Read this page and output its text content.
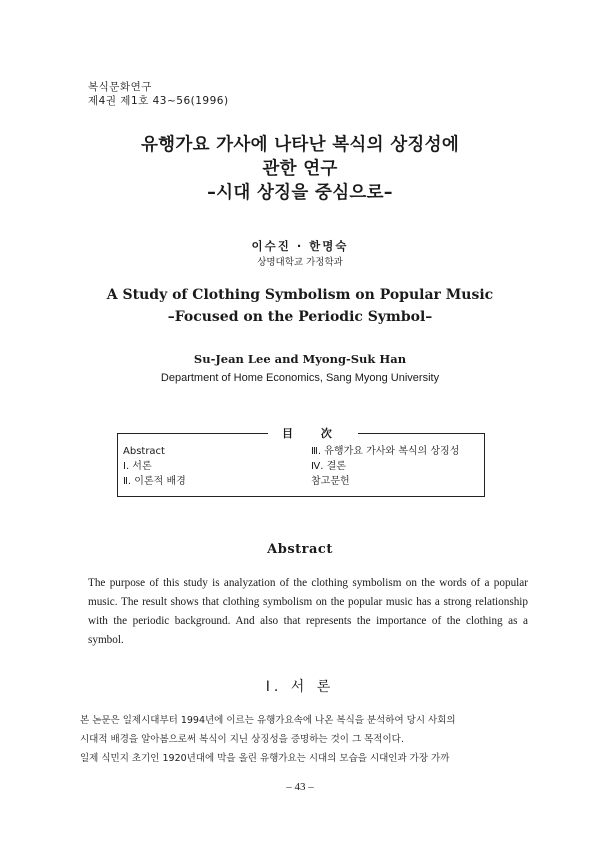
복식문화연구
제4권 제1호 43~56(1996)
유행가요 가사에 나타난 복식의 상징성에
관한 연구
–시대 상징을 중심으로–
이수진 · 한명숙
상명대학교 가정학과
A Study of Clothing Symbolism on Popular Music
–Focused on the Periodic Symbol–
Su-Jean Lee and Myong-Suk Han
Department of Home Economics, Sang Myong University
目 次
Abstract
Ⅰ. 서론
Ⅱ. 이론적 배경
Ⅲ. 유행가요 가사와 복식의 상징성
Ⅳ. 결론
참고문헌
Abstract
The purpose of this study is analyzation of the clothing symbolism on the words of a popular music. The result shows that clothing symbolism on the popular music has a strong relationship with the periodic background. And also that represents the importance of the clothing as a symbol.
Ⅰ. 서 론
본 논문은 일제시대부터 1994년에 이르는 유행가요속에 나온 복식을 분석하여 당시 사회의
시대적 배경을 알아봄으로써 복식이 지닌 상징성을 증명하는 것이 그 목적이다.
일제 식민지 초기인 1920년대에 막을 올린 유행가요는 시대의 모습을 시대인과 가장 가까
– 43 –
